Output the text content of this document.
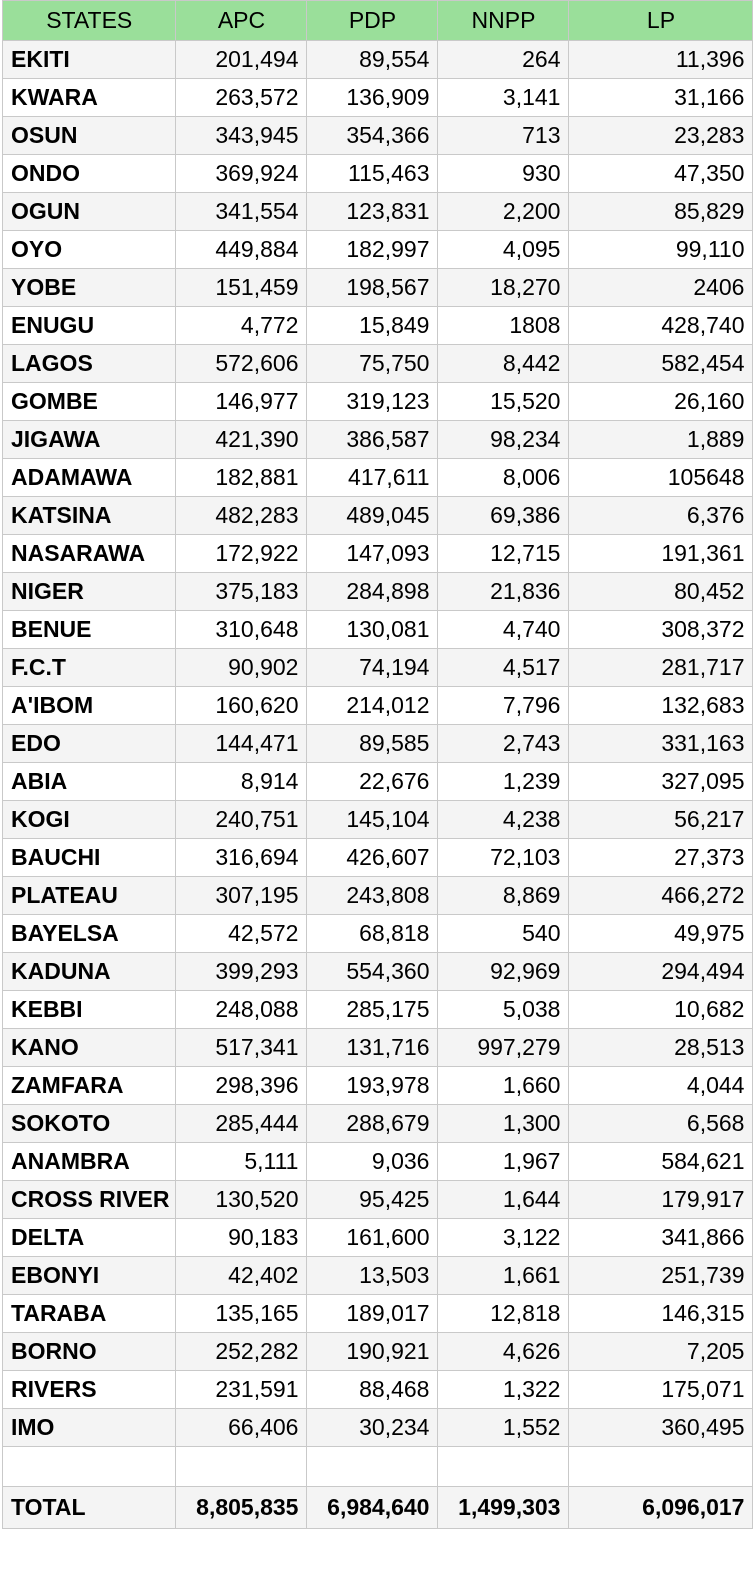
STATES	APC	PDP	NNPP	LP
EKITI	201,494	89,554	264	11,396
KWARA	263,572	136,909	3,141	31,166
OSUN	343,945	354,366	713	23,283
ONDO	369,924	115,463	930	47,350
OGUN	341,554	123,831	2,200	85,829
OYO	449,884	182,997	4,095	99,110
YOBE	151,459	198,567	18,270	2406
ENUGU	4,772	15,849	1808	428,740
LAGOS	572,606	75,750	8,442	582,454
GOMBE	146,977	319,123	15,520	26,160
JIGAWA	421,390	386,587	98,234	1,889
ADAMAWA	182,881	417,611	8,006	105648
KATSINA	482,283	489,045	69,386	6,376
NASARAWA	172,922	147,093	12,715	191,361
NIGER	375,183	284,898	21,836	80,452
BENUE	310,648	130,081	4,740	308,372
F.C.T	90,902	74,194	4,517	281,717
A'IBOM	160,620	214,012	7,796	132,683
EDO	144,471	89,585	2,743	331,163
ABIA	8,914	22,676	1,239	327,095
KOGI	240,751	145,104	4,238	56,217
BAUCHI	316,694	426,607	72,103	27,373
PLATEAU	307,195	243,808	8,869	466,272
BAYELSA	42,572	68,818	540	49,975
KADUNA	399,293	554,360	92,969	294,494
KEBBI	248,088	285,175	5,038	10,682
KANO	517,341	131,716	997,279	28,513
ZAMFARA	298,396	193,978	1,660	4,044
SOKOTO	285,444	288,679	1,300	6,568
ANAMBRA	5,111	9,036	1,967	584,621
CROSS RIVER	130,520	95,425	1,644	179,917
DELTA	90,183	161,600	3,122	341,866
EBONYI	42,402	13,503	1,661	251,739
TARABA	135,165	189,017	12,818	146,315
BORNO	252,282	190,921	4,626	7,205
RIVERS	231,591	88,468	1,322	175,071
IMO	66,406	30,234	1,552	360,495

TOTAL	8,805,835	6,984,640	1,499,303	6,096,017
